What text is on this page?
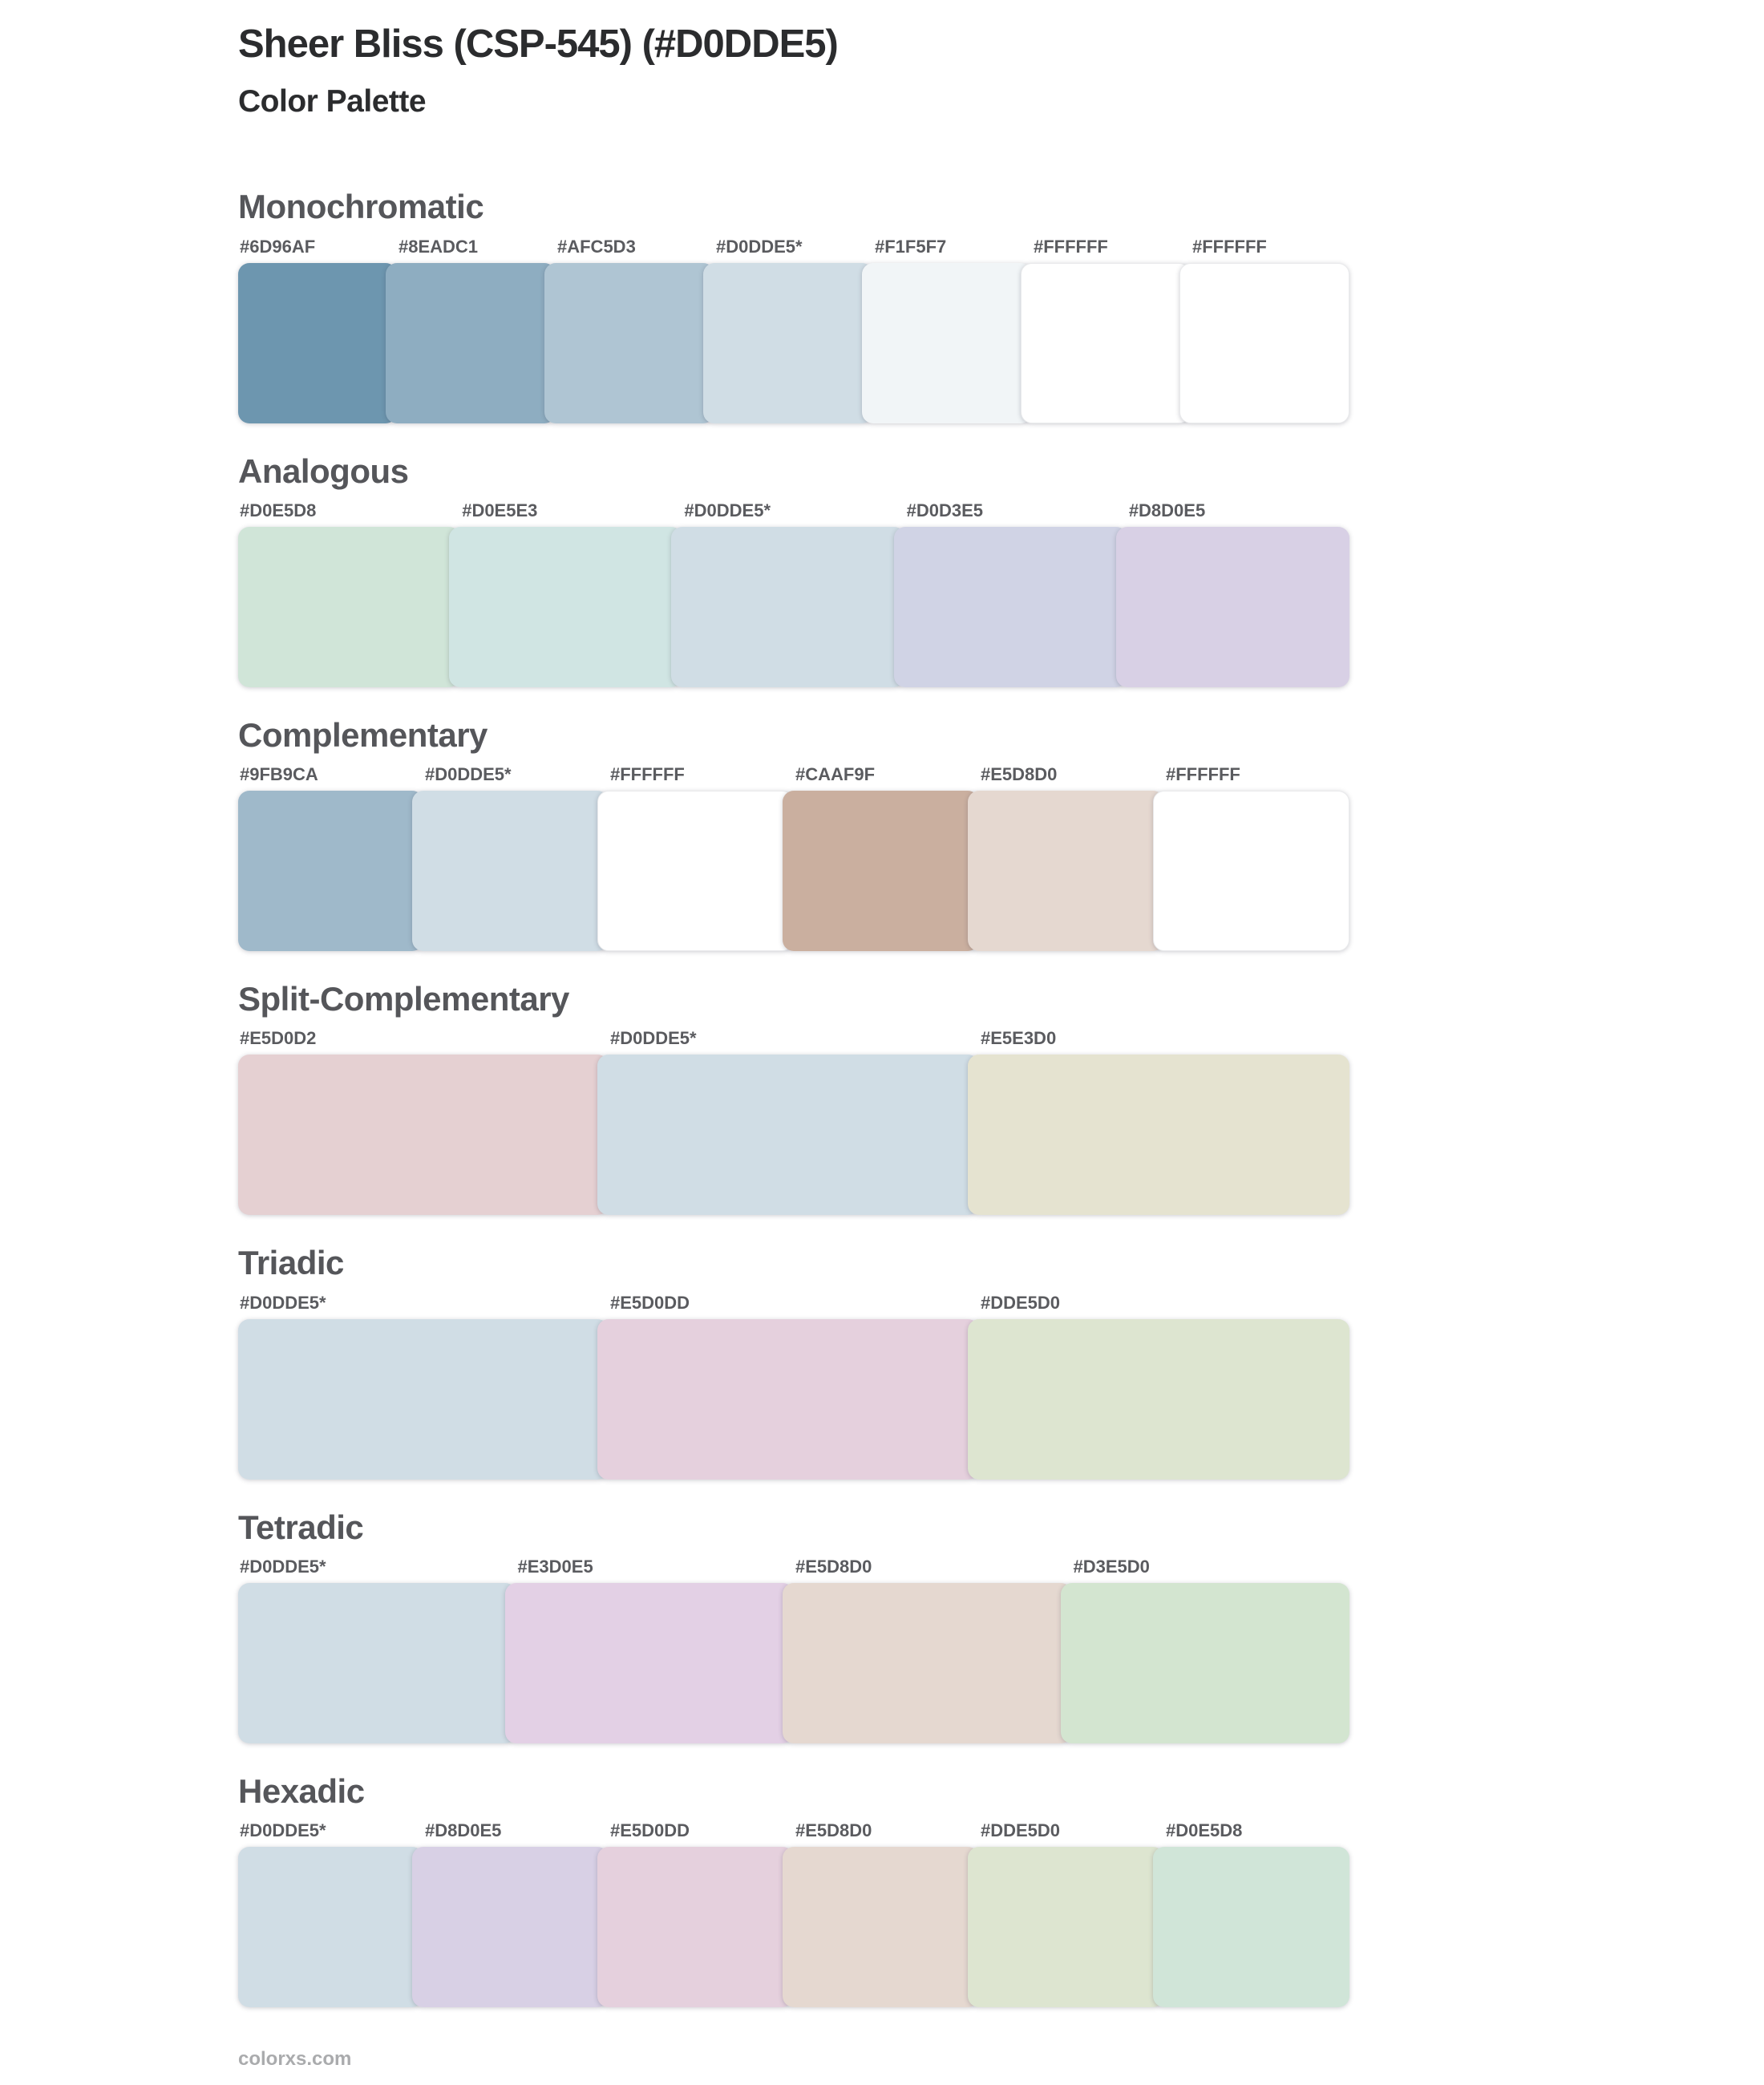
Sheer Bliss (CSP-545) (#D0DDE5)
Color Palette
Monochromatic
#6D96AF	#8EADC1	#AFC5D3	#D0DDE5*	#F1F5F7	#FFFFFF	#FFFFFF
Analogous
#D0E5D8	#D0E5E3	#D0DDE5*	#D0D3E5	#D8D0E5
Complementary
#9FB9CA	#D0DDE5*	#FFFFFF	#CAAF9F	#E5D8D0	#FFFFFF
Split-Complementary
#E5D0D2	#D0DDE5*	#E5E3D0
Triadic
#D0DDE5*	#E5D0DD	#DDE5D0
Tetradic
#D0DDE5*	#E3D0E5	#E5D8D0	#D3E5D0
Hexadic
#D0DDE5*	#D8D0E5	#E5D0DD	#E5D8D0	#DDE5D0	#D0E5D8
colorxs.com
